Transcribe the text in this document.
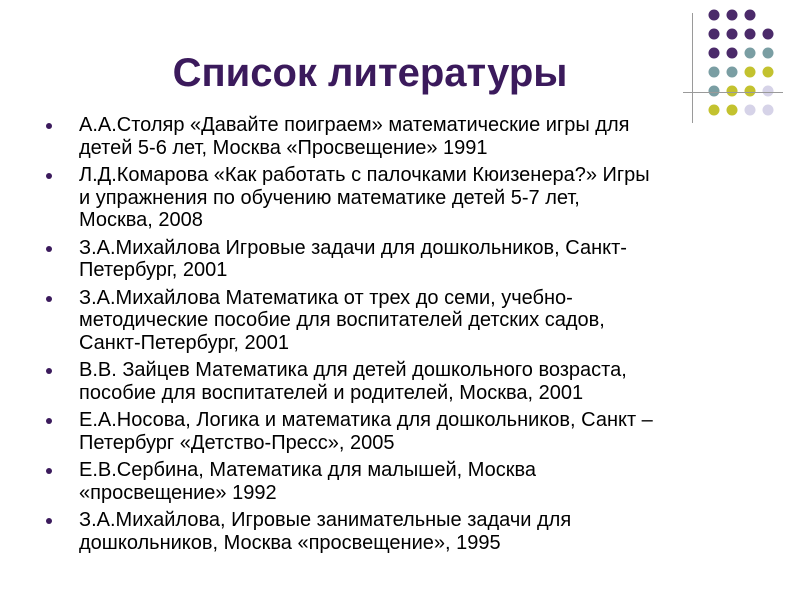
Список литературы
А.А.Столяр «Давайте поиграем» математические игры для
детей 5-6 лет, Москва «Просвещение» 1991
Л.Д.Комарова «Как работать с палочками Кюизенера?» Игры
и упражнения по обучению математике детей 5-7 лет,
Москва, 2008
З.А.Михайлова Игровые задачи для дошкольников, Санкт-
Петербург, 2001
З.А.Михайлова Математика от трех до семи, учебно-
методические пособие для воспитателей детских садов,
Санкт-Петербург, 2001
В.В. Зайцев Математика для детей дошкольного возраста,
пособие для воспитателей и родителей, Москва, 2001
Е.А.Носова, Логика и математика для дошкольников, Санкт –
Петербург «Детство-Пресс», 2005
Е.В.Сербина, Математика для малышей, Москва
«просвещение» 1992
З.А.Михайлова, Игровые занимательные задачи для
дошкольников, Москва «просвещение», 1995
